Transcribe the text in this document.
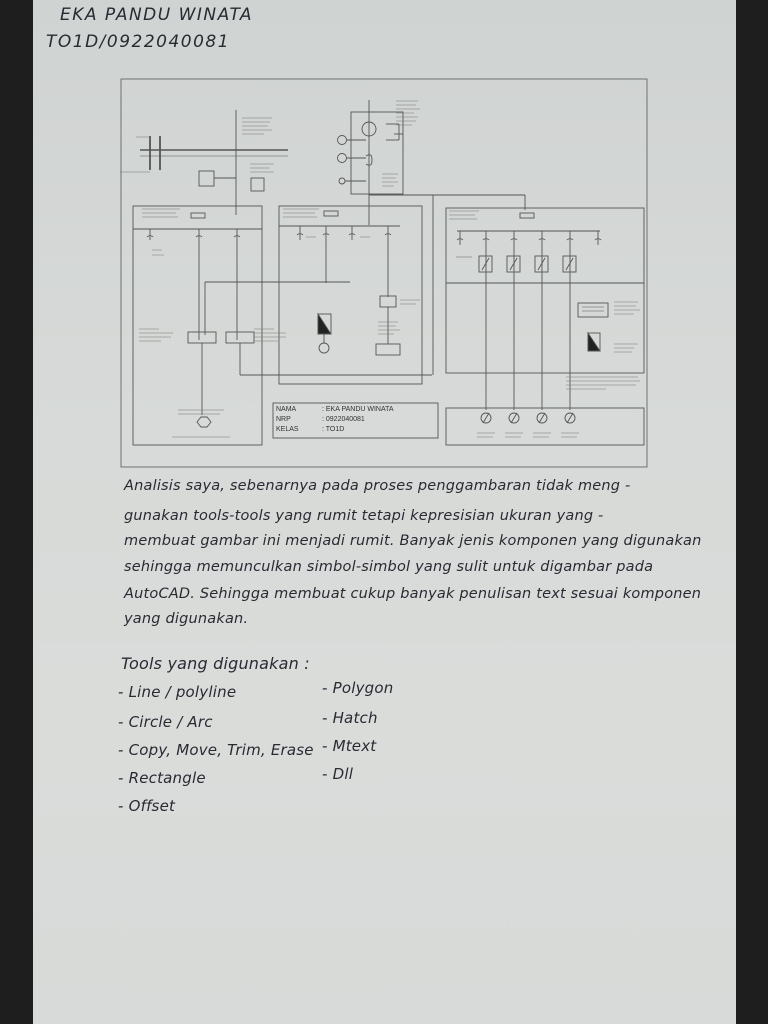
EKA PANDU WINATA
TO1D/0922040081
NAMA	: EKA PANDU WINATA
NRP	: 0922040081
KELAS	: TO1D
Analisis saya, sebenarnya pada proses penggambaran tidak meng -
gunakan tools-tools yang rumit tetapi kepresisian ukuran yang -
membuat gambar ini menjadi rumit. Banyak jenis komponen yang digunakan
sehingga memunculkan simbol-simbol yang sulit untuk digambar pada
AutoCAD. Sehingga membuat cukup banyak penulisan text sesuai komponen
yang digunakan.
Tools yang digunakan :
- Line / polyline
- Circle / Arc
- Copy, Move, Trim, Erase
- Rectangle
- Offset
- Polygon
- Hatch
- Mtext
- Dll
